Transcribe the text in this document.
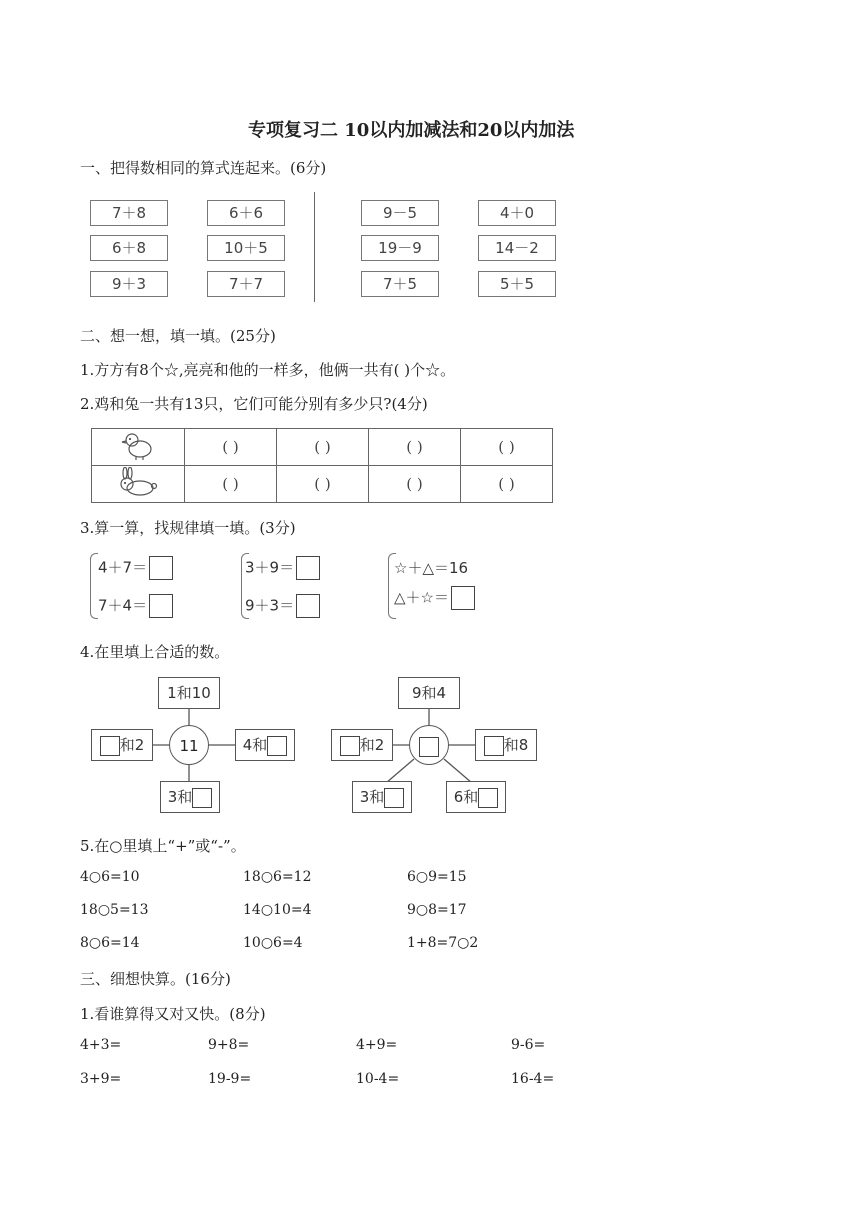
专项复习二 10以内加减法和20以内加法
一、把得数相同的算式连起来。(6分)
7＋8
6＋8
9＋3
6＋6
10＋5
7＋7
9－5
19－9
7＋5
4＋0
14－2
5＋5
二、想一想，填一填。(25分)
1.方方有8个☆,亮亮和他的一样多，他俩一共有( )个☆。
2.鸡和兔一共有13只，它们可能分别有多少只?(4分)
	( )	( )	( )	( )
	( )	( )	( )	( )
3.算一算，找规律填一填。(3分)
4＋7＝
7＋4＝
3＋9＝
9＋3＝
☆＋△＝16
△＋☆＝
4.在里填上合适的数。
1和10
和2	11	4和
3和
9和4
和2	和8
3和	6和
5.在○里填上“+”或“-”。
4○6=10	18○6=12	6○9=15
18○5=13	14○10=4	9○8=17
8○6=14	10○6=4	1+8=7○2
三、细想快算。(16分)
1.看谁算得又对又快。(8分)
4+3=	9+8=	4+9=	9-6=
3+9=	19-9=	10-4=	16-4=
